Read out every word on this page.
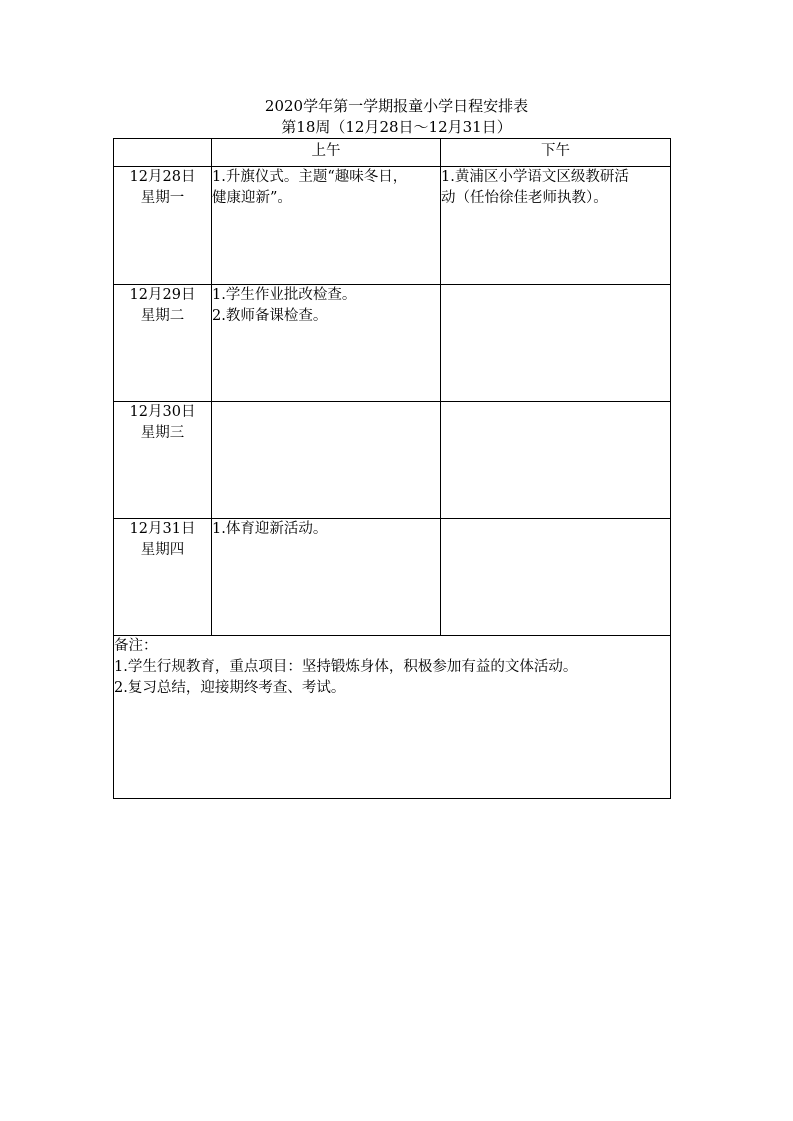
2020学年第一学期报童小学日程安排表
第18周（12月28日～12月31日）
	上午	下午

12月28日
星期一	1.升旗仪式。主题“趣味冬日，
健康迎新”。	1.黄浦区小学语文区级教研活
动（任怡徐佳老师执教）。

12月29日
星期二	1.学生作业批改检查。
2.教师备课检查。	

12月30日
星期三		

12月31日
星期四	1.体育迎新活动。	

备注：
1.学生行规教育，重点项目：坚持锻炼身体，积极参加有益的文体活动。
2.复习总结，迎接期终考查、考试。		
